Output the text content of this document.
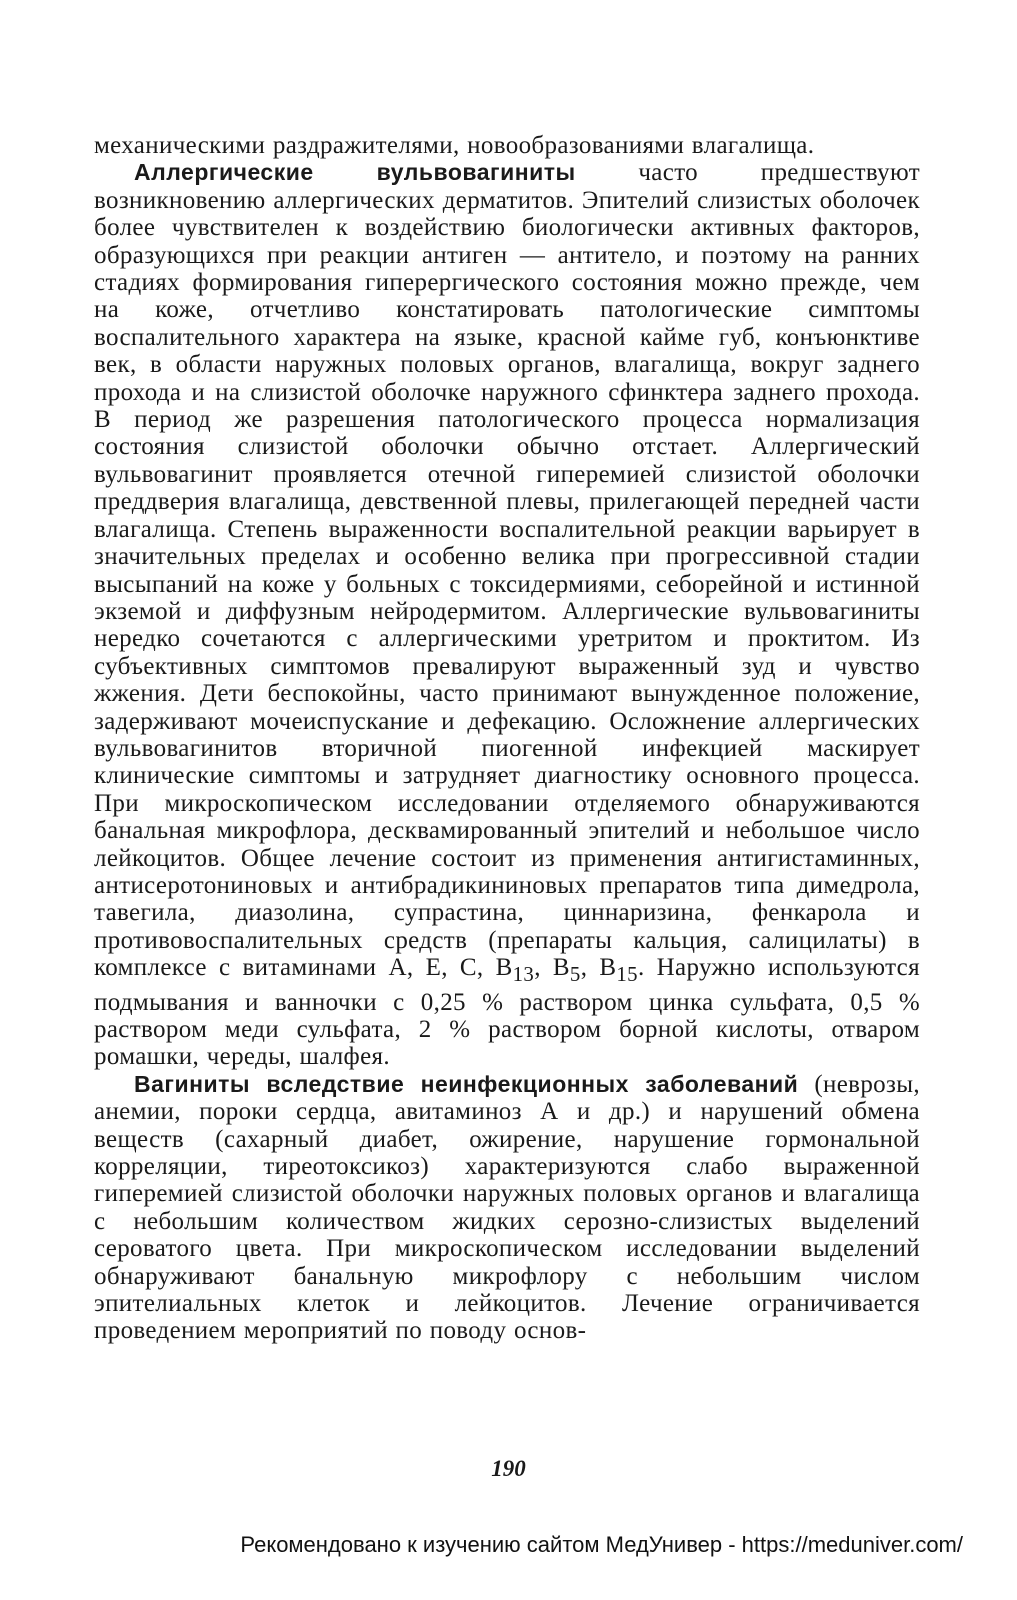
механическими раздражителями, новообразованиями влагалища.

Аллергические вульвовагиниты часто предшествуют возникновению аллергических дерматитов. Эпителий слизистых оболочек более чувствителен к воздействию биологически активных факторов, образующихся при реакции антиген — антитело, и поэтому на ранних стадиях формирования гиперергического состояния можно прежде, чем на коже, отчетливо констатировать патологические симптомы воспалительного характера на языке, красной кайме губ, конъюнктиве век, в области наружных половых органов, влагалища, вокруг заднего прохода и на слизистой оболочке наружного сфинктера заднего прохода. В период же разрешения патологического процесса нормализация состояния слизистой оболочки обычно отстает. Аллергический вульвовагинит проявляется отечной гиперемией слизистой оболочки преддверия влагалища, девственной плевы, прилегающей передней части влагалища. Степень выраженности воспалительной реакции варьирует в значительных пределах и особенно велика при прогрессивной стадии высыпаний на коже у больных с токсидермиями, себорейной и истинной экземой и диффузным нейродермитом. Аллергические вульвовагиниты нередко сочетаются с аллергическими уретритом и проктитом. Из субъективных симптомов превалируют выраженный зуд и чувство жжения. Дети беспокойны, часто принимают вынужденное положение, задерживают мочеиспускание и дефекацию. Осложнение аллергических вульвовагинитов вторичной пиогенной инфекцией маскирует клинические симптомы и затрудняет диагностику основного процесса. При микроскопическом исследовании отделяемого обнаруживаются банальная микрофлора, десквамированный эпителий и небольшое число лейкоцитов. Общее лечение состоит из применения антигистаминных, антисеротониновых и антибрадикининовых препаратов типа димедрола, тавегила, диазолина, супрастина, циннаризина, фенкарола и противовоспалительных средств (препараты кальция, салицилаты) в комплексе с витаминами А, Е, С, $В_{13}$, $В_5$, $В_{15}$. Наружно используются подмывания и ванночки с 0,25 % раствором цинка сульфата, 0,5 % раствором меди сульфата, 2 % раствором борной кислоты, отваром ромашки, череды, шалфея.

Вагиниты вследствие неинфекционных заболеваний (неврозы, анемии, пороки сердца, авитаминоз А и др.) и нарушений обмена веществ (сахарный диабет, ожирение, нарушение гормональной корреляции, тиреотоксикоз) характеризуются слабо выраженной гиперемией слизистой оболочки наружных половых органов и влагалища с небольшим количеством жидких серозно-слизистых выделений сероватого цвета. При микроскопическом исследовании выделений обнаруживают банальную микрофлору с небольшим числом эпителиальных клеток и лейкоцитов. Лечение ограничивается проведением мероприятий по поводу основ-

190
Рекомендовано к изучению сайтом МедУнивер - https://meduniver.com/
